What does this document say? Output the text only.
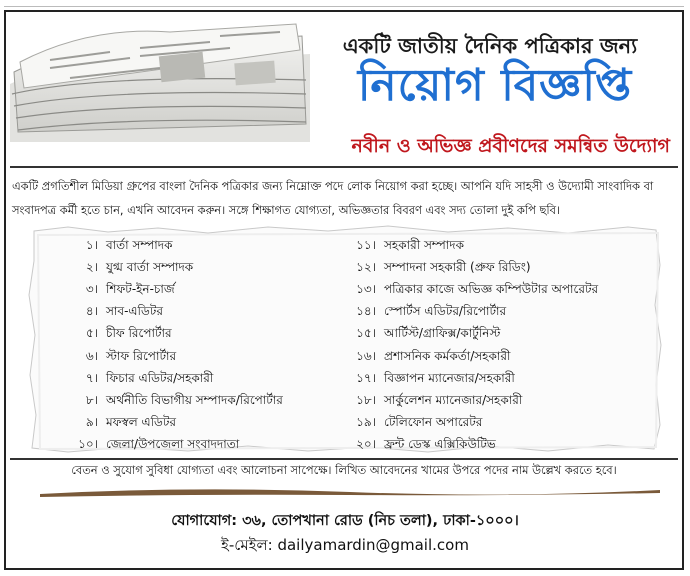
একটি জাতীয় দৈনিক পত্রিকার জন্য
নিয়োগ বিজ্ঞপ্তি
নবীন ও অভিজ্ঞ প্রবীণদের সমন্বিত উদ্যোগ
একটি প্রগতিশীল মিডিয়া গ্রুপের বাংলা দৈনিক পত্রিকার জন্য নিম্নোক্ত পদে লোক নিয়োগ করা হচ্ছে। আপনি যদি সাহসী ও উদ্যোমী সাংবাদিক বা সংবাদপত্র কর্মী হতে চান, এখনি আবেদন করুন। সঙ্গে শিক্ষাগত যোগ্যতা, অভিজ্ঞতার বিবরণ এবং সদ্য তোলা দুই কপি ছবি।
১। বার্তা সম্পাদক
২। যুগ্ম বার্তা সম্পাদক
৩। শিফট-ইন-চার্জ
৪। সাব-এডিটর
৫। চীফ রিপোর্টার
৬। স্টাফ রিপোর্টার
৭। ফিচার এডিটর/সহকারী
৮। অর্থনীতি বিভাগীয় সম্পাদক/রিপোর্টার
৯। মফস্বল এডিটর
১০। জেলা/উপজেলা সংবাদদাতা
১১। সহকারী সম্পাদক
১২। সম্পাদনা সহকারী (প্রুফ রিডিং)
১৩। পত্রিকার কাজে অভিজ্ঞ কম্পিউটার অপারেটর
১৪। স্পোর্টস এডিটর/রিপোর্টার
১৫। আর্টিস্ট/গ্রাফিক্স/কার্টুনিস্ট
১৬। প্রশাসনিক কর্মকর্তা/সহকারী
১৭। বিজ্ঞাপন ম্যানেজার/সহকারী
১৮। সার্কুলেশন ম্যানেজার/সহকারী
১৯। টেলিফোন অপারেটর
২০। ফ্রন্ট ডেস্ক এক্সিকিউটিভ
বেতন ও সুযোগ সুবিধা যোগ্যতা এবং আলোচনা সাপেক্ষে। লিখিত আবেদনের খামের উপরে পদের নাম উল্লেখ করতে হবে।
যোগাযোগ: ৩৬, তোপখানা রোড (নিচ তলা), ঢাকা-১০০০।
ই-মেইল: dailyamardin@gmail.com
